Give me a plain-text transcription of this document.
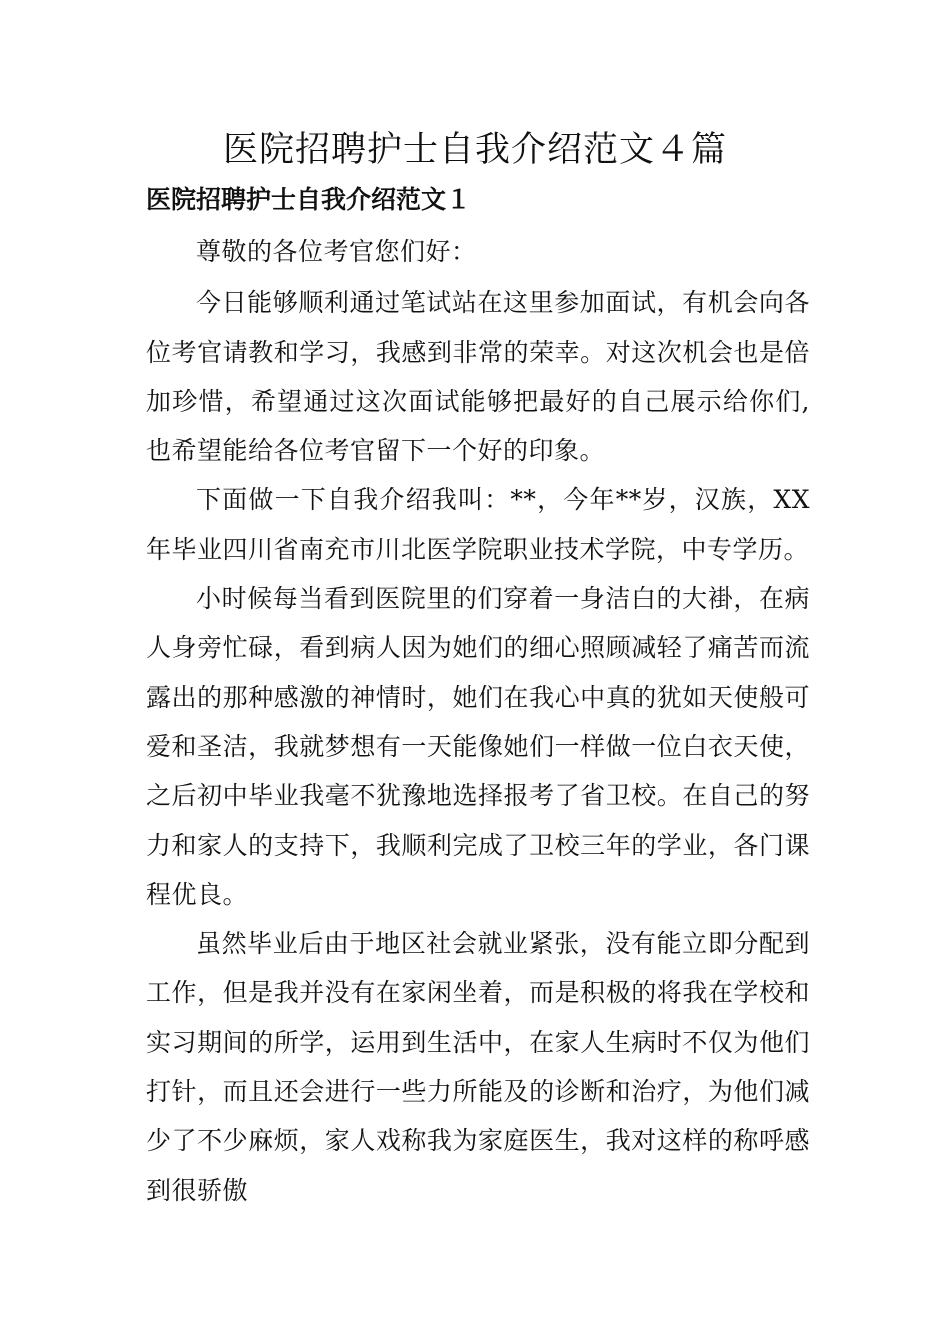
医院招聘护士自我介绍范文４篇
医院招聘护士自我介绍范文１

尊敬的各位考官您们好：

今日能够顺利通过笔试站在这里参加面试，有机会向各位考官请教和学习，我感到非常的荣幸。对这次机会也是倍加珍惜，希望通过这次面试能够把最好的自己展示给你们,也希望能给各位考官留下一个好的印象。

下面做一下自我介绍我叫：**，今年**岁，汉族，XX年毕业四川省南充市川北医学院职业技术学院，中专学历。

小时候每当看到医院里的们穿着一身洁白的大褂，在病人身旁忙碌，看到病人因为她们的细心照顾减轻了痛苦而流露出的那种感激的神情时，她们在我心中真的犹如天使般可爱和圣洁，我就梦想有一天能像她们一样做一位白衣天使，之后初中毕业我毫不犹豫地选择报考了省卫校。在自己的努力和家人的支持下，我顺利完成了卫校三年的学业，各门课程优良。

虽然毕业后由于地区社会就业紧张，没有能立即分配到工作，但是我并没有在家闲坐着，而是积极的将我在学校和实习期间的所学，运用到生活中，在家人生病时不仅为他们打针，而且还会进行一些力所能及的诊断和治疗，为他们减少了不少麻烦，家人戏称我为家庭医生，我对这样的称呼感到很骄傲
